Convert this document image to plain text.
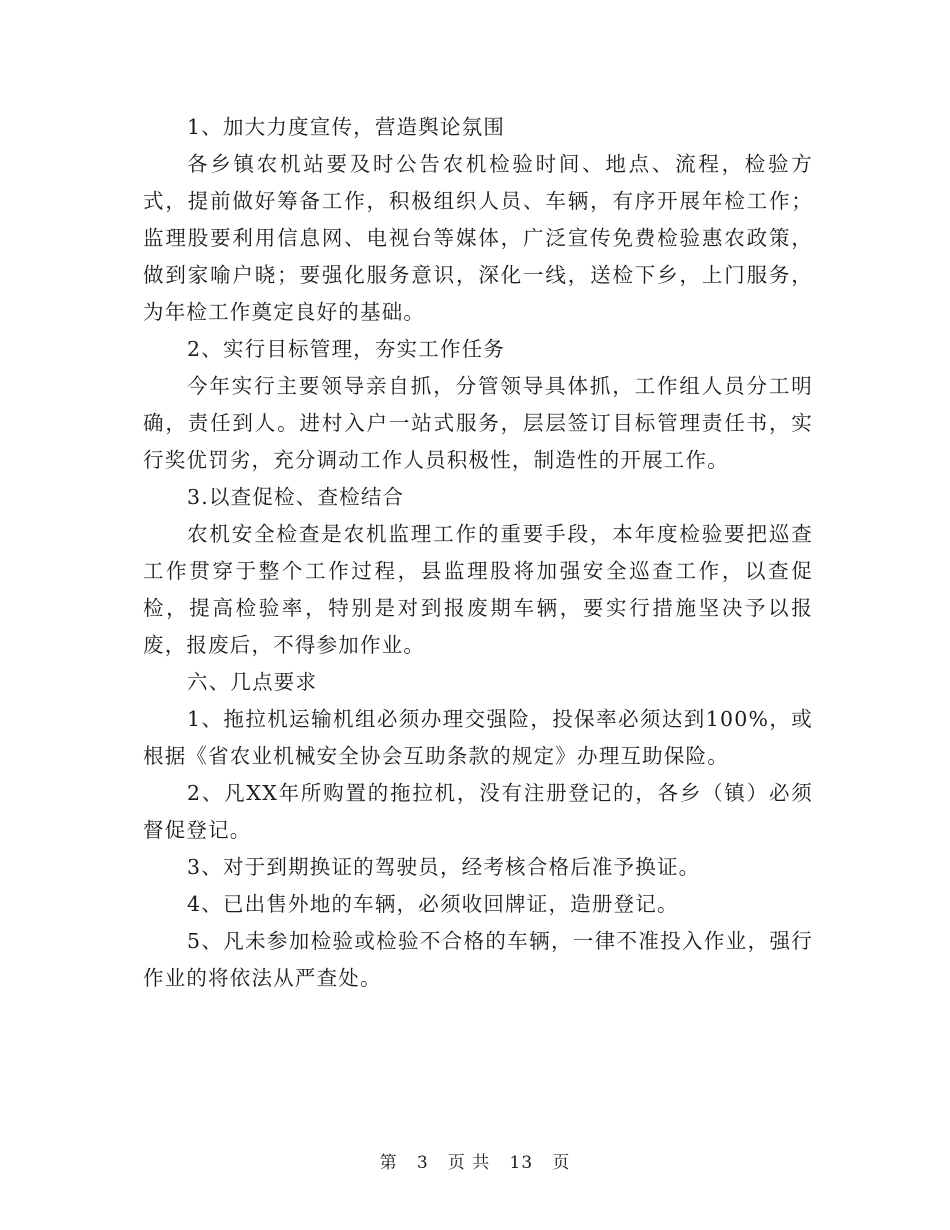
1、加大力度宣传，营造舆论氛围

各乡镇农机站要及时公告农机检验时间、地点、流程，检验方式，提前做好筹备工作，积极组织人员、车辆，有序开展年检工作；监理股要利用信息网、电视台等媒体，广泛宣传免费检验惠农政策，做到家喻户晓；要强化服务意识，深化一线，送检下乡，上门服务，为年检工作奠定良好的基础。

2、实行目标管理，夯实工作任务

今年实行主要领导亲自抓，分管领导具体抓，工作组人员分工明确，责任到人。进村入户一站式服务，层层签订目标管理责任书，实行奖优罚劣，充分调动工作人员积极性，制造性的开展工作。

3.以查促检、查检结合

农机安全检查是农机监理工作的重要手段，本年度检验要把巡查工作贯穿于整个工作过程，县监理股将加强安全巡查工作，以查促检，提高检验率，特别是对到报废期车辆，要实行措施坚决予以报废，报废后，不得参加作业。

六、几点要求

1、拖拉机运输机组必须办理交强险，投保率必须达到100%，或根据《省农业机械安全协会互助条款的规定》办理互助保险。

2、凡XX年所购置的拖拉机，没有注册登记的，各乡（镇）必须督促登记。

3、对于到期换证的驾驶员，经考核合格后准予换证。

4、已出售外地的车辆，必须收回牌证，造册登记。

5、凡未参加检验或检验不合格的车辆，一律不准投入作业，强行作业的将依法从严查处。

第 3 页 共 13 页
